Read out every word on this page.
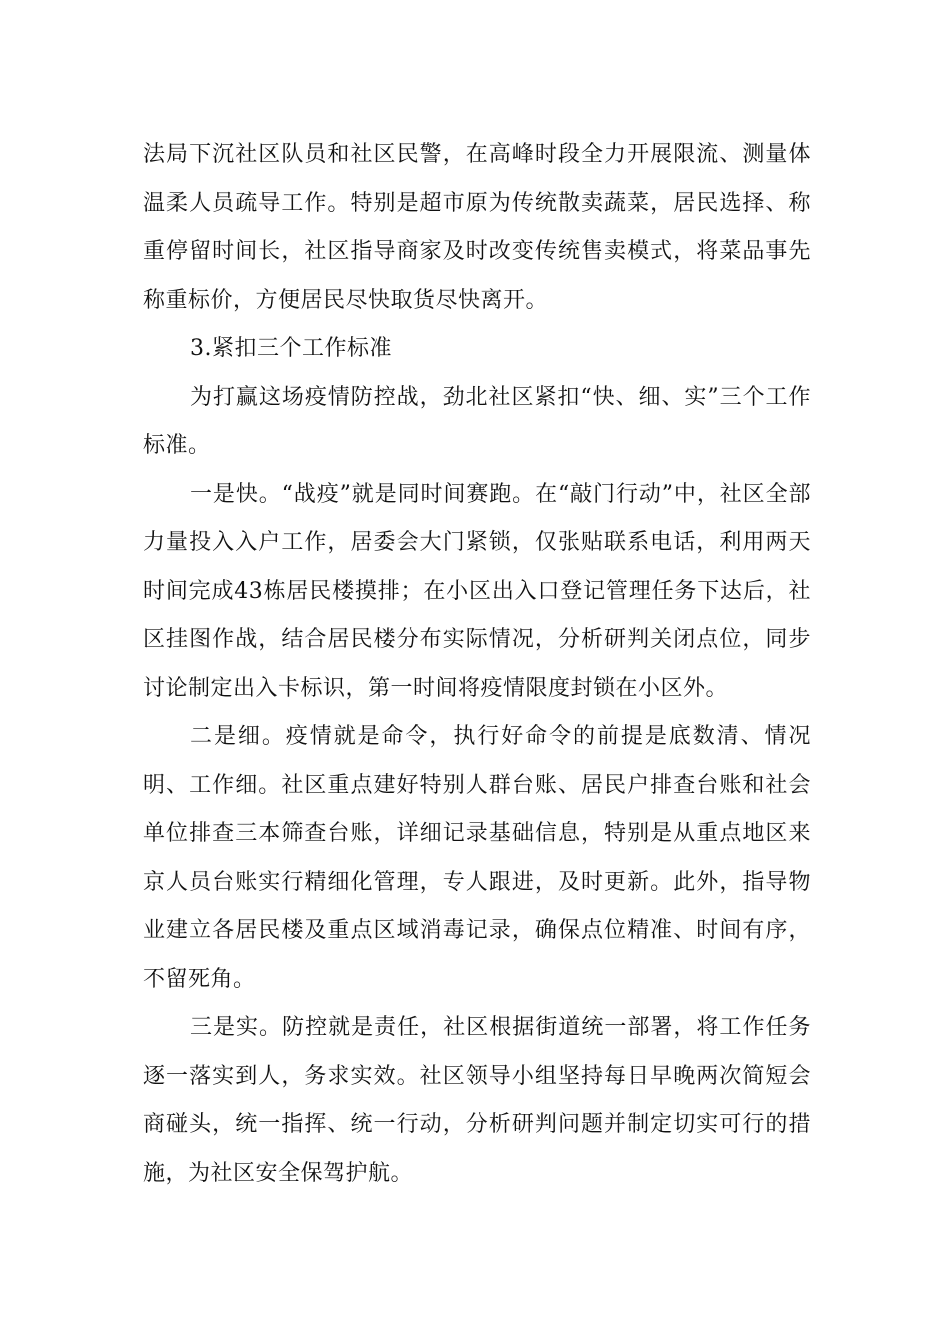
法局下沉社区队员和社区民警，在高峰时段全力开展限流、测量体温柔人员疏导工作。特别是超市原为传统散卖蔬菜，居民选择、称重停留时间长，社区指导商家及时改变传统售卖模式，将菜品事先称重标价，方便居民尽快取货尽快离开。

3.紧扣三个工作标准

为打赢这场疫情防控战，劲北社区紧扣“快、细、实”三个工作标准。

一是快。“战疫”就是同时间赛跑。在“敲门行动”中，社区全部力量投入入户工作，居委会大门紧锁，仅张贴联系电话，利用两天时间完成43栋居民楼摸排；在小区出入口登记管理任务下达后，社区挂图作战，结合居民楼分布实际情况，分析研判关闭点位，同步讨论制定出入卡标识，第一时间将疫情限度封锁在小区外。

二是细。疫情就是命令，执行好命令的前提是底数清、情况明、工作细。社区重点建好特别人群台账、居民户排查台账和社会单位排查三本筛查台账，详细记录基础信息，特别是从重点地区来京人员台账实行精细化管理，专人跟进，及时更新。此外，指导物业建立各居民楼及重点区域消毒记录，确保点位精准、时间有序，不留死角。

三是实。防控就是责任，社区根据街道统一部署，将工作任务逐一落实到人，务求实效。社区领导小组坚持每日早晚两次简短会商碰头，统一指挥、统一行动，分析研判问题并制定切实可行的措施，为社区安全保驾护航。
